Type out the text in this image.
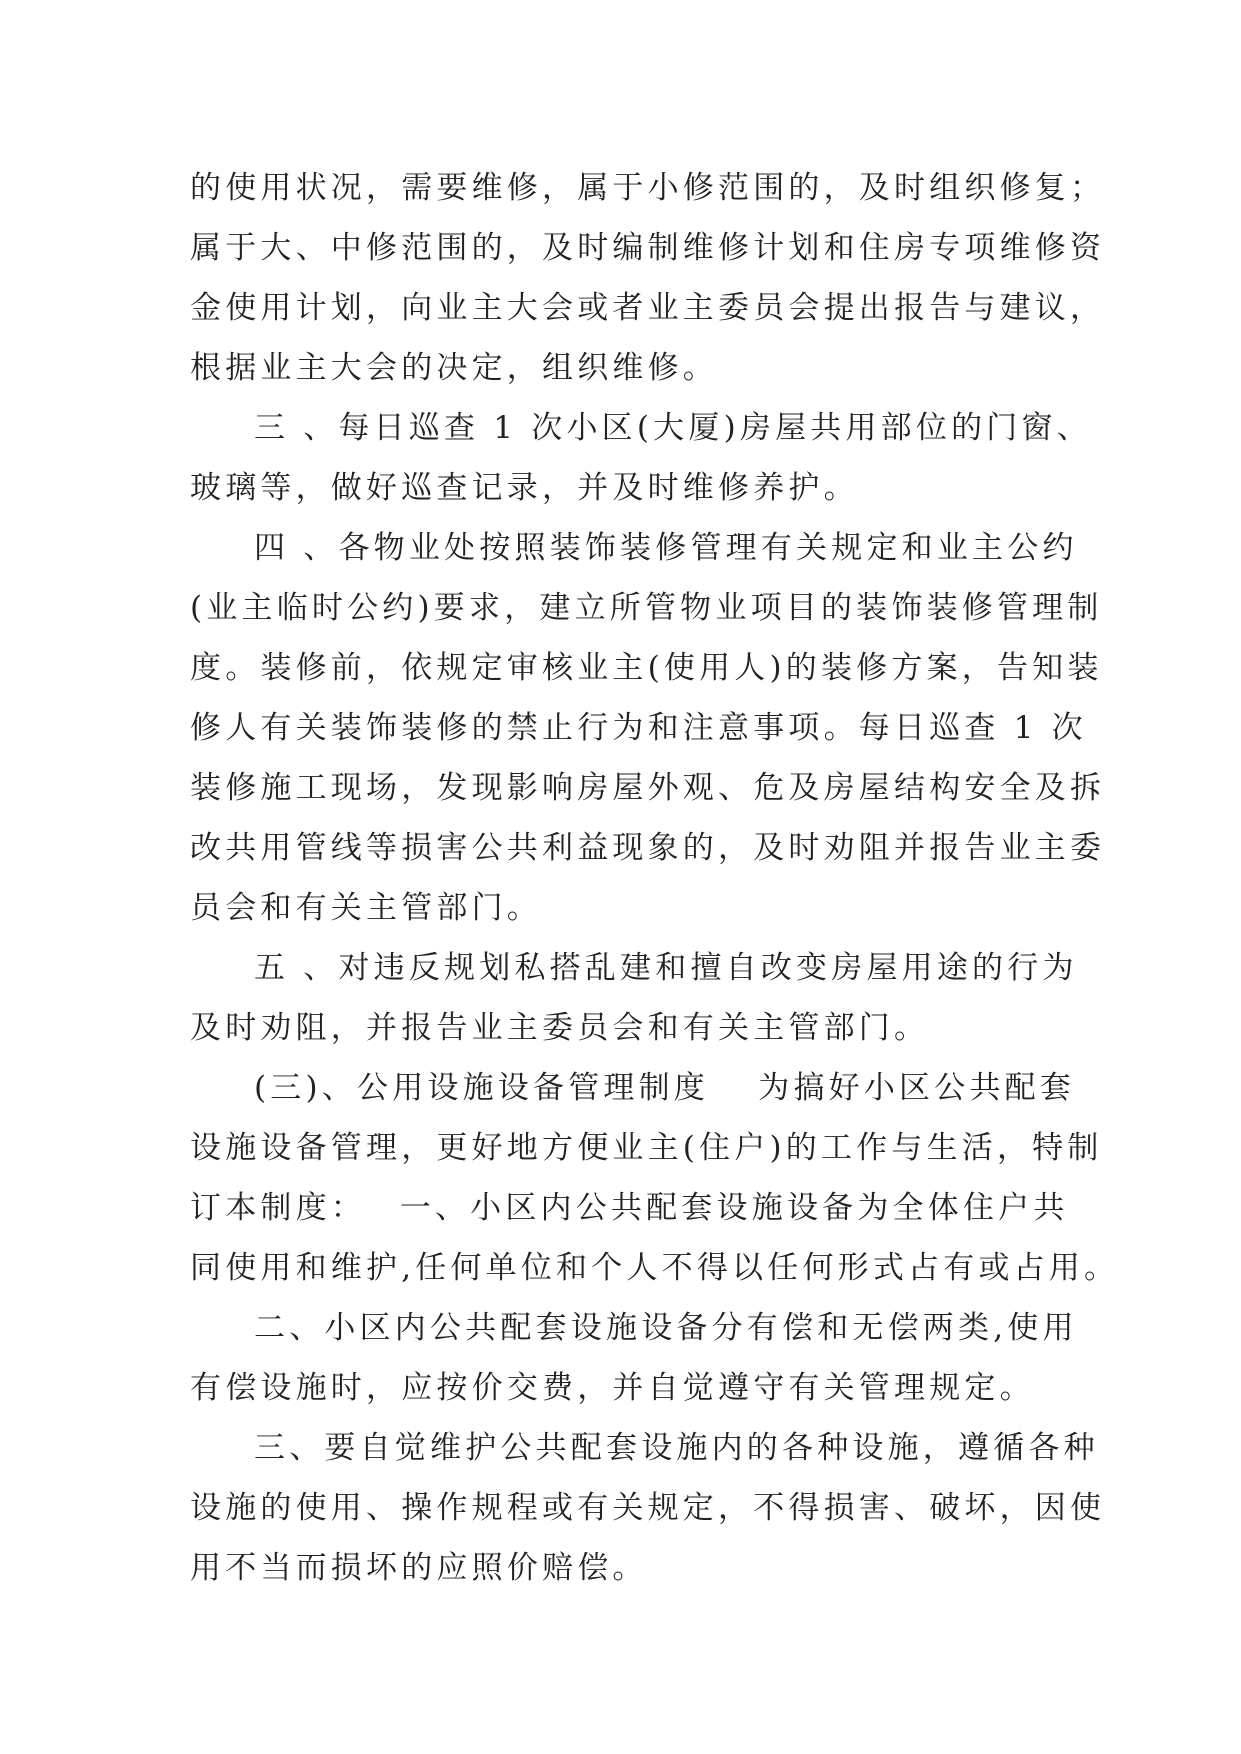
的使用状况，需要维修，属于小修范围的，及时组织修复；
属于大、中修范围的，及时编制维修计划和住房专项维修资
金使用计划，向业主大会或者业主委员会提出报告与建议，
根据业主大会的决定，组织维修。
三 、每日巡查 1 次小区(大厦)房屋共用部位的门窗、
玻璃等，做好巡查记录，并及时维修养护。
四 、各物业处按照装饰装修管理有关规定和业主公约
(业主临时公约)要求，建立所管物业项目的装饰装修管理制
度。装修前，依规定审核业主(使用人)的装修方案，告知装
修人有关装饰装修的禁止行为和注意事项。每日巡查 1 次
装修施工现场，发现影响房屋外观、危及房屋结构安全及拆
改共用管线等损害公共利益现象的，及时劝阻并报告业主委
员会和有关主管部门。
五 、对违反规划私搭乱建和擅自改变房屋用途的行为
及时劝阻，并报告业主委员会和有关主管部门。
(三)、公用设施设备管理制度　 为搞好小区公共配套
设施设备管理，更好地方便业主(住户)的工作与生活，特制
订本制度：　 一、小区内公共配套设施设备为全体住户共
同使用和维护,任何单位和个人不得以任何形式占有或占用。
二、小区内公共配套设施设备分有偿和无偿两类,使用
有偿设施时，应按价交费，并自觉遵守有关管理规定。
三、要自觉维护公共配套设施内的各种设施，遵循各种
设施的使用、操作规程或有关规定，不得损害、破坏，因使
用不当而损坏的应照价赔偿。
